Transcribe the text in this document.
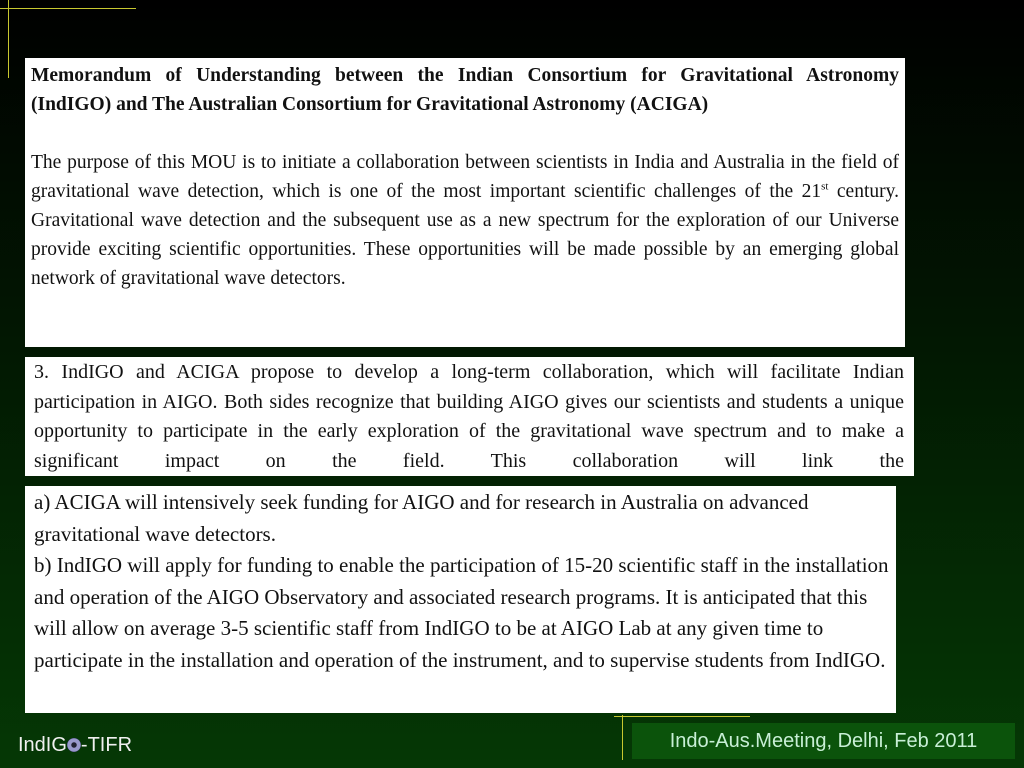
Memorandum of Understanding between the Indian Consortium for Gravitational Astronomy (IndIGO) and The Australian Consortium for Gravitational Astronomy (ACIGA)

The purpose of this MOU is to initiate a collaboration between scientists in India and Australia in the field of gravitational wave detection, which is one of the most important scientific challenges of the 21st century. Gravitational wave detection and the subsequent use as a new spectrum for the exploration of our Universe provide exciting scientific opportunities. These opportunities will be made possible by an emerging global network of gravitational wave detectors.

3. IndIGO and ACIGA propose to develop a long-term collaboration, which will facilitate Indian participation in AIGO. Both sides recognize that building AIGO gives our scientists and students a unique opportunity to participate in the early exploration of the gravitational wave spectrum and to make a significant impact on the field. This collaboration will link the

a) ACIGA will intensively seek funding for AIGO and for research in Australia on advanced gravitational wave detectors.

b) IndIGO will apply for funding to enable the participation of 15-20 scientific staff in the installation and operation of the AIGO Observatory and associated research programs. It is anticipated that this will allow on average 3-5 scientific staff from IndIGO to be at AIGO Lab at any given time to participate in the installation and operation of the instrument, and to supervise students from IndIGO.

IndIG -TIFR	Indo-Aus.Meeting, Delhi, Feb 2011
